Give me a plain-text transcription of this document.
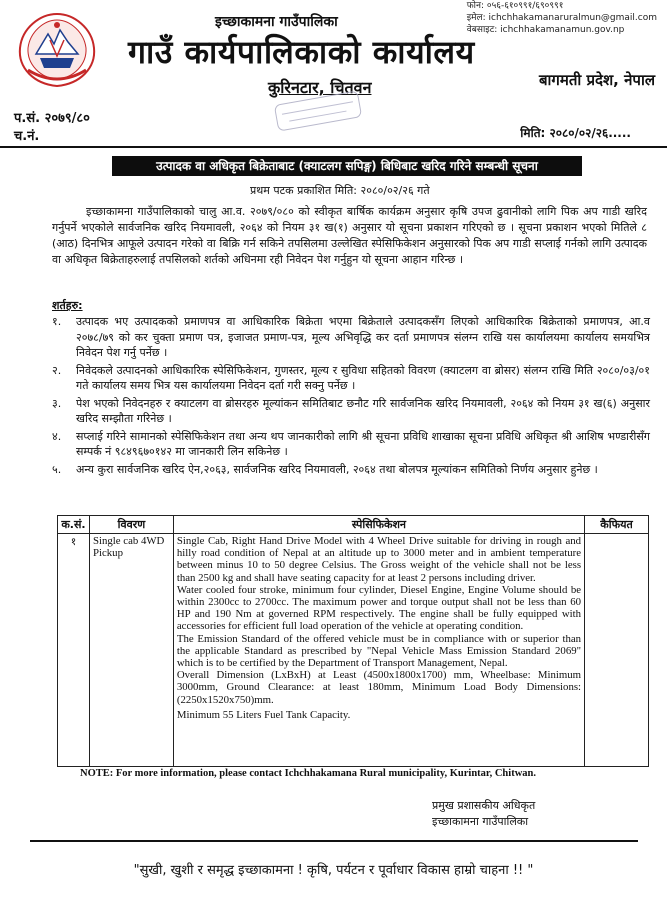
फोन: ०५६-६१०९९१/६९०९९१
इमेल: ichchhakamanaruralmun@gmail.com
वेबसाइट: ichchhakamanamun.gov.np
इच्छाकामना गाउँपालिका
गाउँ कार्यपालिकाको कार्यालय
कुरिनटार, चितवन	बागमती प्रदेश, नेपाल
प.सं. २०७९/८०
च.नं.	मिति: २०८०/०२/२६.....
उत्पादक वा अधिकृत बिक्रेताबाट (क्याटलग सपिङ्ग) बिधिबाट खरिद गरिने सम्बन्धी सूचना
प्रथम पटक प्रकाशित मिति: २०८०/०२/२६ गते

इच्छाकामना गाउँपालिकाको चालु आ.व. २०७९/०८० को स्वीकृत बार्षिक कार्यक्रम अनुसार कृषि उपज ढुवानीको लागि पिक अप गाडी खरिद गर्नुपर्ने भएकोले सार्वजनिक खरिद नियमावली, २०६४ को नियम ३१ ख(१) अनुसार यो सूचना प्रकाशन गरिएको छ । सूचना प्रकाशन भएको मितिले ८ (आठ) दिनभित्र आफूले उत्पादन गरेको वा बिक्रि गर्न सकिने तपसिलमा उल्लेखित स्पेसिफिकेशन अनुसारको पिक अप गाडी सप्लाई गर्नको लागि उत्पादक वा अधिकृत बिक्रेताहरुलाई तपसिलको शर्तको अधिनमा रही निवेदन पेश गर्नुहुन यो सूचना आहान गरिन्छ ।

शर्तहरु:
१. उत्पादक भए उत्पादकको प्रमाणपत्र वा आधिकारिक बिक्रेता भएमा बिक्रेताले उत्पादकसँग लिएको आधिकारिक बिक्रेताको प्रमाणपत्र, आ.व २०७८/७९ को कर चुक्ता प्रमाण पत्र, इजाजत प्रमाण-पत्र, मूल्य अभिवृद्धि कर दर्ता प्रमाणपत्र संलग्न राखि यस कार्यालयमा कार्यालय समयभित्र निवेदन पेश गर्नु पर्नेछ ।
२. निवेदकले उत्पादनको आधिकारिक स्पेसिफिकेशन, गुणस्तर, मूल्य र सुविधा सहितको विवरण (क्याटलग वा ब्रोसर) संलग्न राखि मिति २०८०/०३/०१ गते कार्यालय समय भित्र यस कार्यालयमा निवेदन दर्ता गरी सक्नु पर्नेछ ।
३. पेश भएको निवेदनहरु र क्याटलग वा ब्रोसरहरु मूल्यांकन समितिबाट छनौट गरि सार्वजनिक खरिद नियमावली, २०६४ को नियम ३१ ख(६) अनुसार खरिद सम्झौता गरिनेछ ।
४. सप्लाई गरिने सामानको स्पेसिफिकेशन तथा अन्य थप जानकारीको लागि श्री सूचना प्रविधि शाखाका सूचना प्रविधि अधिकृत श्री आशिष भण्डारीसँग सम्पर्क नं ९८४९६७०१४२ मा जानकारी लिन सकिनेछ ।
५. अन्य कुरा सार्वजनिक खरिद ऐन,२०६३, सार्वजनिक खरिद नियमावली, २०६४ तथा बोलपत्र मूल्यांकन समितिको निर्णय अनुसार हुनेछ ।
क.सं.	विवरण	स्पेसिफिकेशन	कैफियत
१	Single cab 4WD Pickup	Single Cab, Right Hand Drive Model with 4 Wheel Drive suitable for driving in rough and hilly road condition of Nepal at an altitude up to 3000 meter and in ambient temperature between minus 10 to 50 degree Celsius. The Gross weight of the vehicle shall not be less than 2500 kg and shall have seating capacity for at least 2 persons including driver.

Water cooled four stroke, minimum four cylinder, Diesel Engine, Engine Volume should be within 2300cc to 2700cc. The maximum power and torque output shall not be less than 60 HP and 190 Nm at governed RPM respectively. The engine shall be fully equipped with accessories for efficient full load operation of the vehicle at operating condition.

The Emission Standard of the offered vehicle must be in compliance with or superior than the applicable Standard as prescribed by "Nepal Vehicle Mass Emission Standard 2069" which is to be certified by the Department of Transport Management, Nepal.

Overall Dimension (LxBxH) at Least (4500x1800x1700) mm, Wheelbase: Minimum 3000mm, Ground Clearance: at least 180mm, Minimum Load Body Dimensions: (2250x1520x750)mm.

Minimum 55 Liters Fuel Tank Capacity.	

NOTE: For more information, please contact Ichchhakamana Rural municipality, Kurintar, Chitwan.
प्रमुख प्रशासकीय अधिकृत
इच्छाकामना गाउँपालिका
"सुखी, खुशी र समृद्ध इच्छाकामना ! कृषि, पर्यटन र पूर्वाधार विकास हाम्रो चाहना !! "
